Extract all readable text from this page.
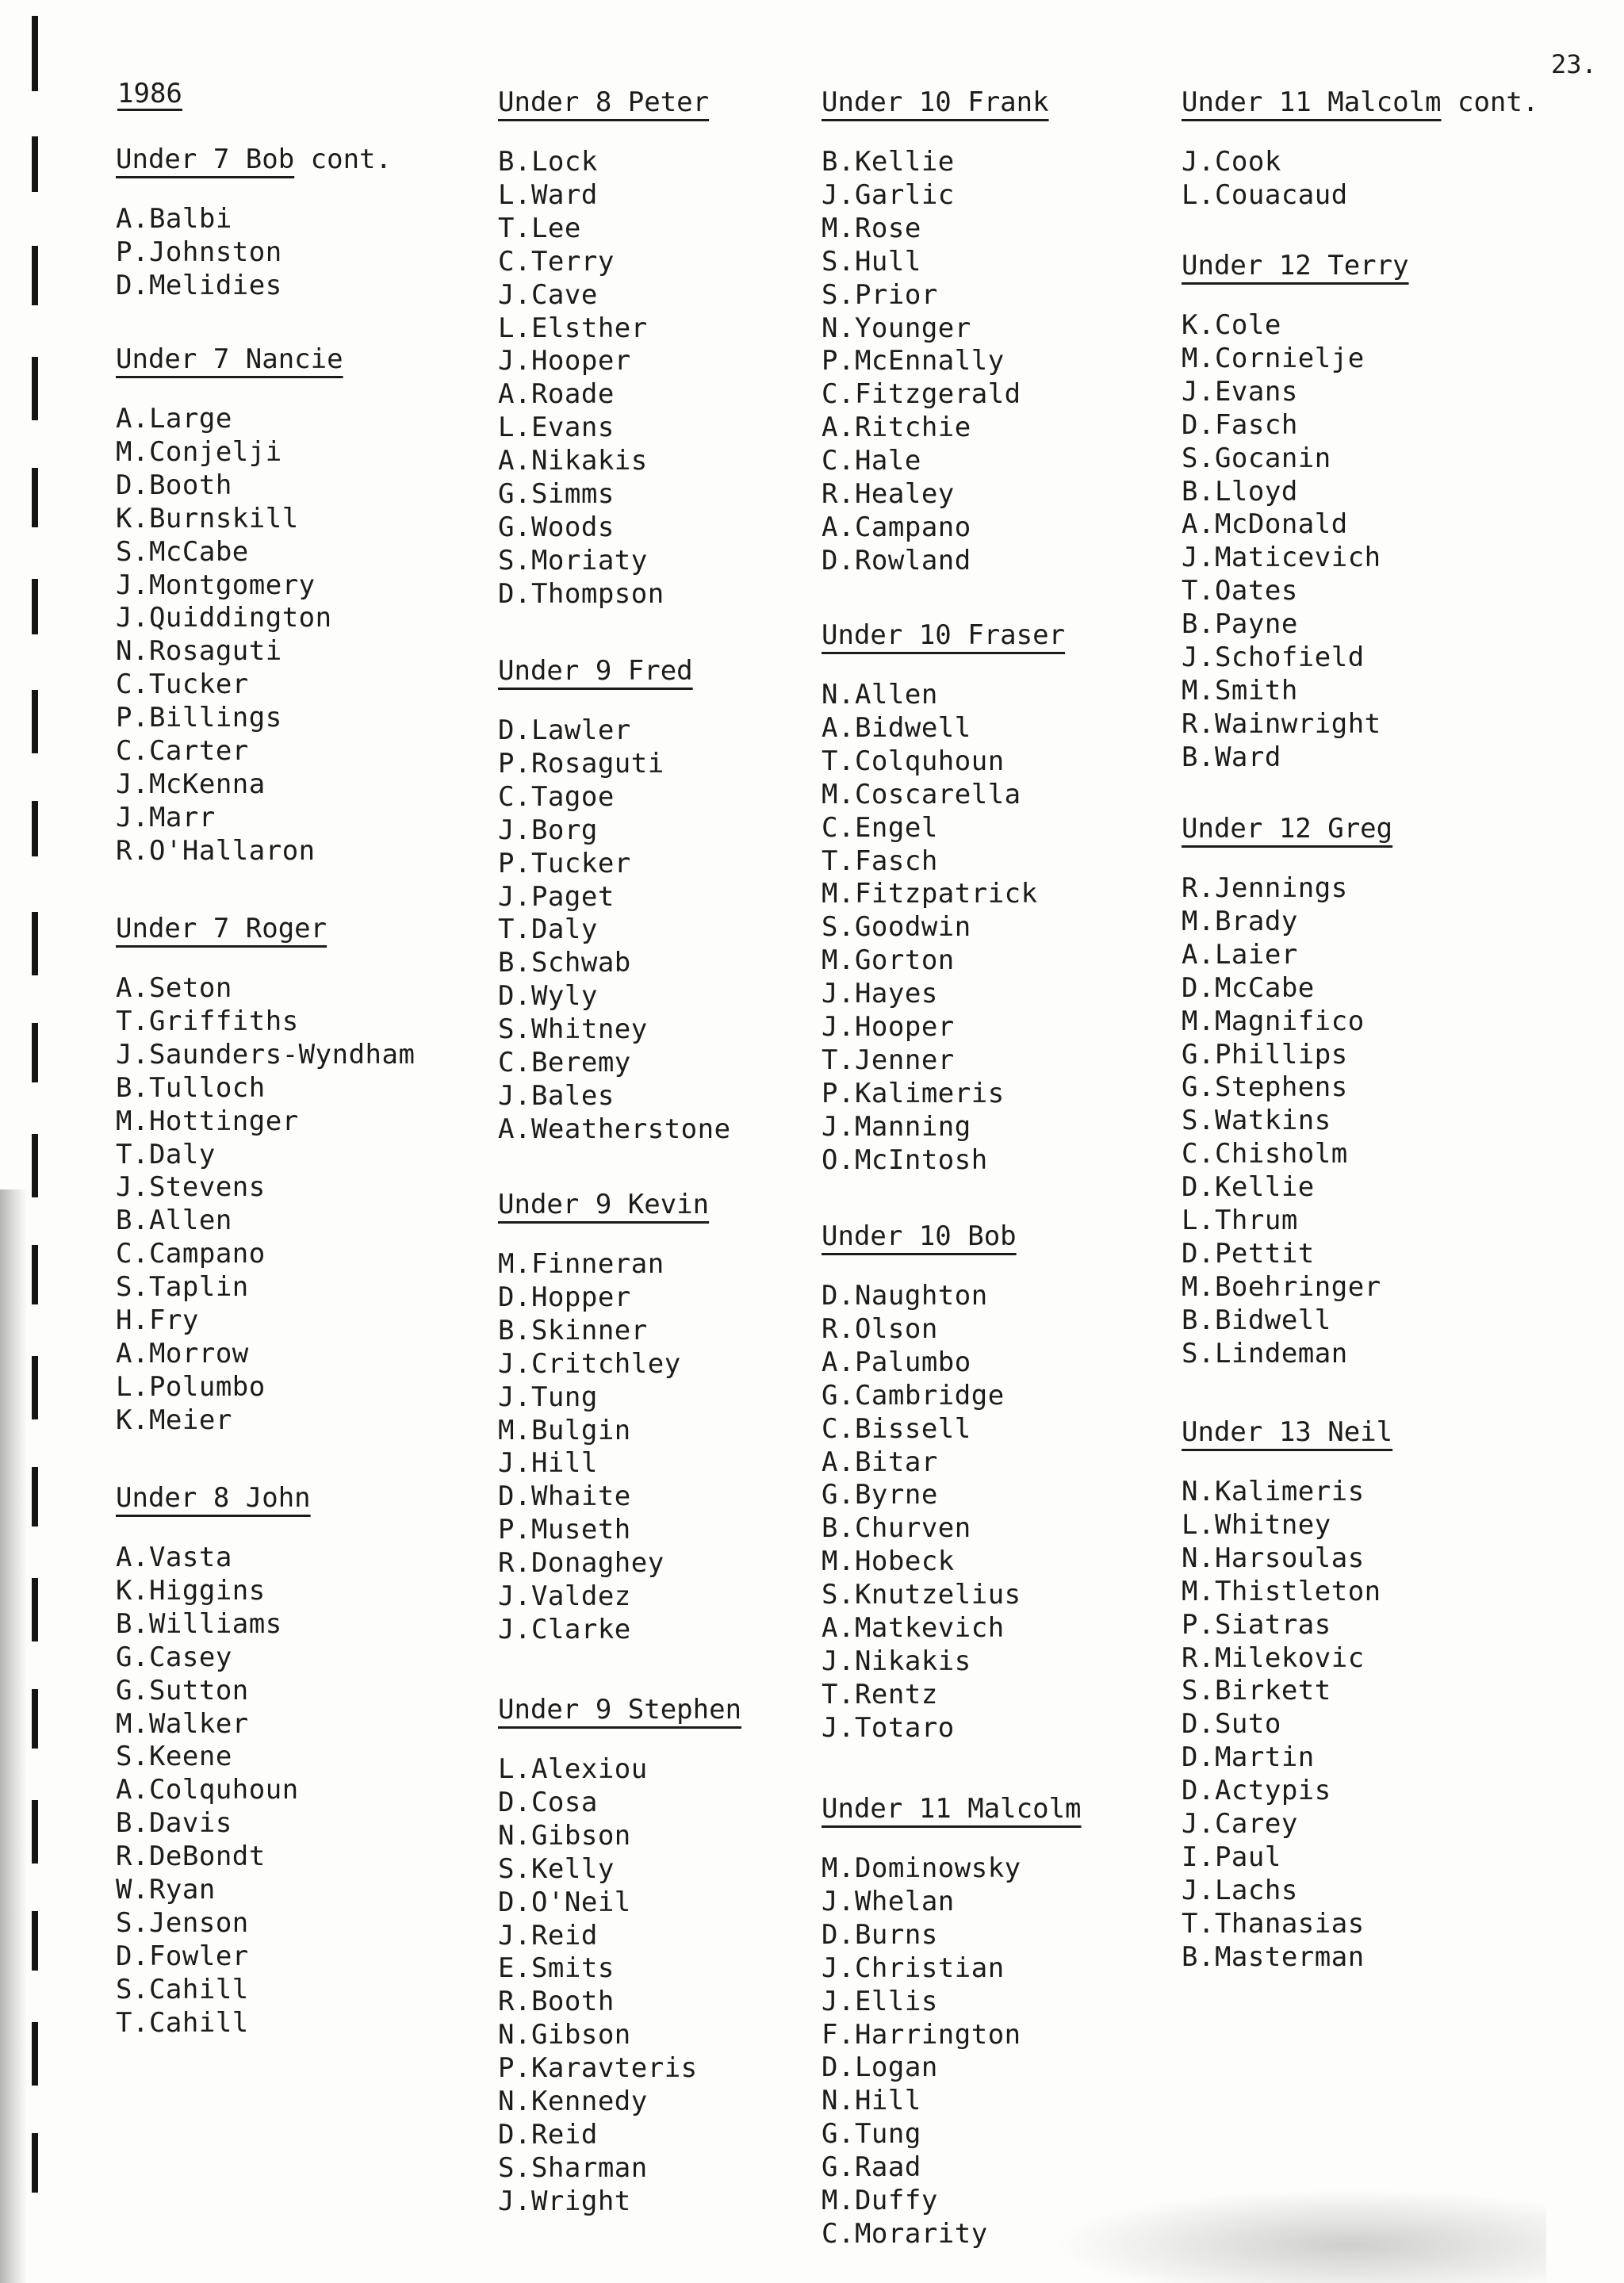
1986
23.
Under 7 Bob cont.
A.Balbi
P.Johnston
D.Melidies
Under 7 Nancie
A.Large
M.Conjelji
D.Booth
K.Burnskill
S.McCabe
J.Montgomery
J.Quiddington
N.Rosaguti
C.Tucker
P.Billings
C.Carter
J.McKenna
J.Marr
R.O'Hallaron
Under 7 Roger
A.Seton
T.Griffiths
J.Saunders-Wyndham
B.Tulloch
M.Hottinger
T.Daly
J.Stevens
B.Allen
C.Campano
S.Taplin
H.Fry
A.Morrow
L.Polumbo
K.Meier
Under 8 John
A.Vasta
K.Higgins
B.Williams
G.Casey
G.Sutton
M.Walker
S.Keene
A.Colquhoun
B.Davis
R.DeBondt
W.Ryan
S.Jenson
D.Fowler
S.Cahill
T.Cahill
Under 8 Peter
B.Lock
L.Ward
T.Lee
C.Terry
J.Cave
L.Elsther
J.Hooper
A.Roade
L.Evans
A.Nikakis
G.Simms
G.Woods
S.Moriaty
D.Thompson
Under 9 Fred
D.Lawler
P.Rosaguti
C.Tagoe
J.Borg
P.Tucker
J.Paget
T.Daly
B.Schwab
D.Wyly
S.Whitney
C.Beremy
J.Bales
A.Weatherstone
Under 9 Kevin
M.Finneran
D.Hopper
B.Skinner
J.Critchley
J.Tung
M.Bulgin
J.Hill
D.Whaite
P.Museth
R.Donaghey
J.Valdez
J.Clarke
Under 9 Stephen
L.Alexiou
D.Cosa
N.Gibson
S.Kelly
D.O'Neil
J.Reid
E.Smits
R.Booth
N.Gibson
P.Karavteris
N.Kennedy
D.Reid
S.Sharman
J.Wright
Under 10 Frank
B.Kellie
J.Garlic
M.Rose
S.Hull
S.Prior
N.Younger
P.McEnnally
C.Fitzgerald
A.Ritchie
C.Hale
R.Healey
A.Campano
D.Rowland
Under 10 Fraser
N.Allen
A.Bidwell
T.Colquhoun
M.Coscarella
C.Engel
T.Fasch
M.Fitzpatrick
S.Goodwin
M.Gorton
J.Hayes
J.Hooper
T.Jenner
P.Kalimeris
J.Manning
O.McIntosh
Under 10 Bob
D.Naughton
R.Olson
A.Palumbo
G.Cambridge
C.Bissell
A.Bitar
G.Byrne
B.Churven
M.Hobeck
S.Knutzelius
A.Matkevich
J.Nikakis
T.Rentz
J.Totaro
Under 11 Malcolm
M.Dominowsky
J.Whelan
D.Burns
J.Christian
J.Ellis
F.Harrington
D.Logan
N.Hill
G.Tung
G.Raad
M.Duffy
C.Morarity
Under 11 Malcolm cont.
J.Cook
L.Couacaud
Under 12 Terry
K.Cole
M.Cornielje
J.Evans
D.Fasch
S.Gocanin
B.Lloyd
A.McDonald
J.Maticevich
T.Oates
B.Payne
J.Schofield
M.Smith
R.Wainwright
B.Ward
Under 12 Greg
R.Jennings
M.Brady
A.Laier
D.McCabe
M.Magnifico
G.Phillips
G.Stephens
S.Watkins
C.Chisholm
D.Kellie
L.Thrum
D.Pettit
M.Boehringer
B.Bidwell
S.Lindeman
Under 13 Neil
N.Kalimeris
L.Whitney
N.Harsoulas
M.Thistleton
P.Siatras
R.Milekovic
S.Birkett
D.Suto
D.Martin
D.Actypis
J.Carey
I.Paul
J.Lachs
T.Thanasias
B.Masterman
